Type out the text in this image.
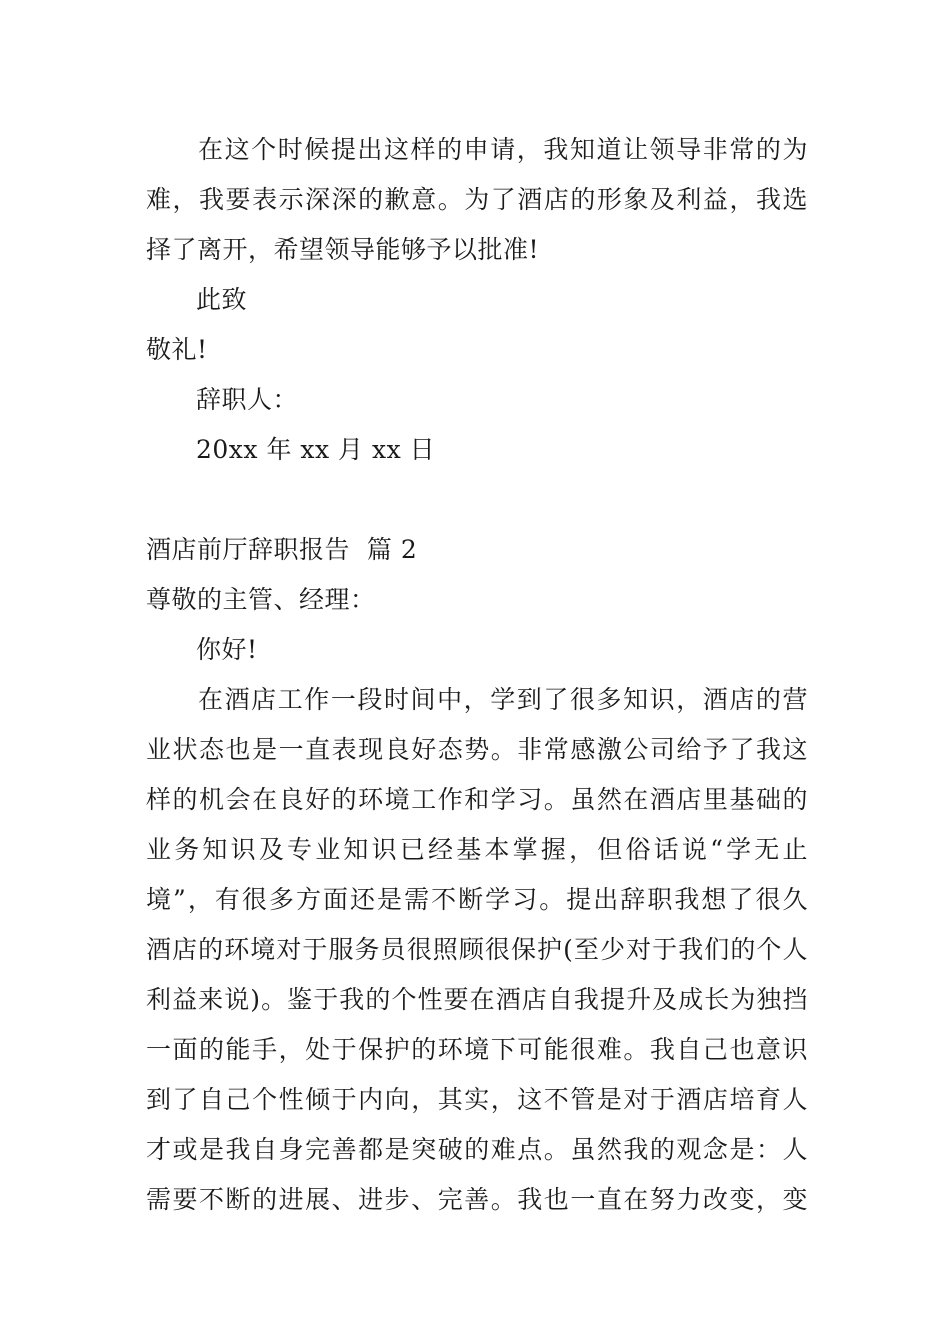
在这个时候提出这样的申请，我知道让领导非常的为
难，我要表示深深的歉意。为了酒店的形象及利益，我选
择了离开，希望领导能够予以批准!
此致
敬礼!
辞职人：
20xx 年 xx 月 xx 日
酒店前厅辞职报告  篇 2
尊敬的主管、经理：
你好!
在酒店工作一段时间中，学到了很多知识，酒店的营
业状态也是一直表现良好态势。非常感激公司给予了我这
样的机会在良好的环境工作和学习。虽然在酒店里基础的
业务知识及专业知识已经基本掌握，但俗话说“学无止
境”，有很多方面还是需不断学习。提出辞职我想了很久
酒店的环境对于服务员很照顾很保护(至少对于我们的个人
利益来说)。鉴于我的个性要在酒店自我提升及成长为独挡
一面的能手，处于保护的环境下可能很难。我自己也意识
到了自己个性倾于内向，其实，这不管是对于酒店培育人
才或是我自身完善都是突破的难点。虽然我的观念是：人
需要不断的进展、进步、完善。我也一直在努力改变，变
